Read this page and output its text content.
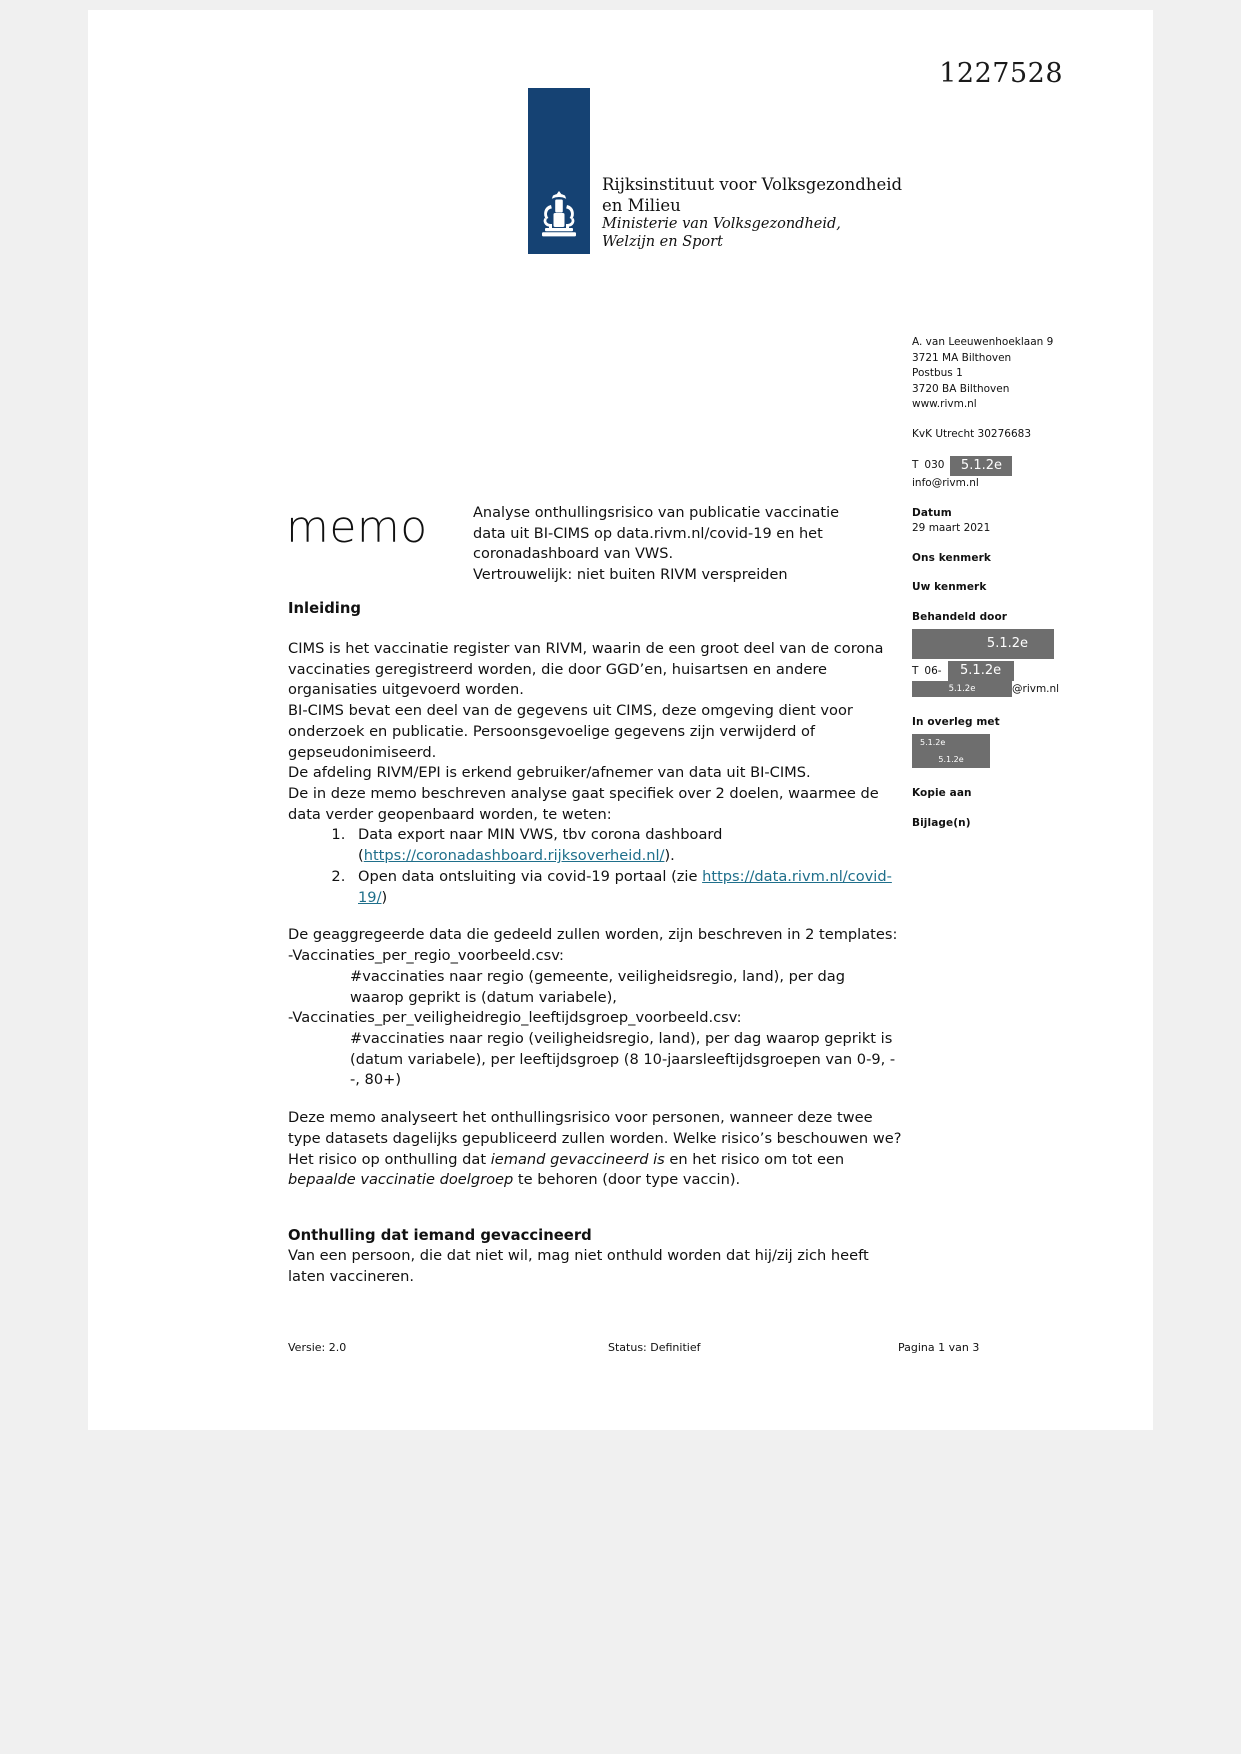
1227528
Rijksinstituut voor Volksgezondheid
en Milieu
Ministerie van Volksgezondheid,
Welzijn en Sport
A. van Leeuwenhoeklaan 9
3721 MA Bilthoven
Postbus 1
3720 BA Bilthoven
www.rivm.nl
KvK Utrecht 30276683
T 030	5.1.2e
info@rivm.nl
Datum
29 maart 2021
Ons kenmerk
Uw kenmerk
Behandeld door
5.1.2e
T 06-	5.1.2e
5.1.2e	@rivm.nl
In overleg met
5.1.2e
5.1.2e
Kopie aan
Bijlage(n)
memo	Analyse onthullingsrisico van publicatie vaccinatie
data uit BI-CIMS op data.rivm.nl/covid-19 en het
coronadashboard van VWS.
Vertrouwelijk: niet buiten RIVM verspreiden
Inleiding

CIMS is het vaccinatie register van RIVM, waarin de een groot deel van de corona vaccinaties geregistreerd worden, die door GGD’en, huisartsen en andere organisaties uitgevoerd worden.

BI-CIMS bevat een deel van de gegevens uit CIMS, deze omgeving dient voor onderzoek en publicatie. Persoonsgevoelige gegevens zijn verwijderd of gepseudonimiseerd.

De afdeling RIVM/EPI is erkend gebruiker/afnemer van data uit BI-CIMS.

De in deze memo beschreven analyse gaat specifiek over 2 doelen, waarmee de data verder geopenbaard worden, te weten:

1. Data export naar MIN VWS, tbv corona dashboard (https://coronadashboard.rijksoverheid.nl/).
2. Open data ontsluiting via covid-19 portaal (zie https://data.rivm.nl/covid-19/)

De geaggregeerde data die gedeeld zullen worden, zijn beschreven in 2 templates:

-Vaccinaties_per_regio_voorbeeld.csv:

#vaccinaties naar regio (gemeente, veiligheidsregio, land), per dag waarop geprikt is (datum variabele),

-Vaccinaties_per_veiligheidregio_leeftijdsgroep_voorbeeld.csv:

#vaccinaties naar regio (veiligheidsregio, land), per dag waarop geprikt is (datum variabele), per leeftijdsgroep (8 10-jaarsleeftijdsgroepen van 0-9, --, 80+)

Deze memo analyseert het onthullingsrisico voor personen, wanneer deze twee type datasets dagelijks gepubliceerd zullen worden. Welke risico’s beschouwen we? Het risico op onthulling dat iemand gevaccineerd is en het risico om tot een bepaalde vaccinatie doelgroep te behoren (door type vaccin).

Onthulling dat iemand gevaccineerd

Van een persoon, die dat niet wil, mag niet onthuld worden dat hij/zij zich heeft laten vaccineren.

Versie: 2.0	Status: Definitief	Pagina 1 van 3
